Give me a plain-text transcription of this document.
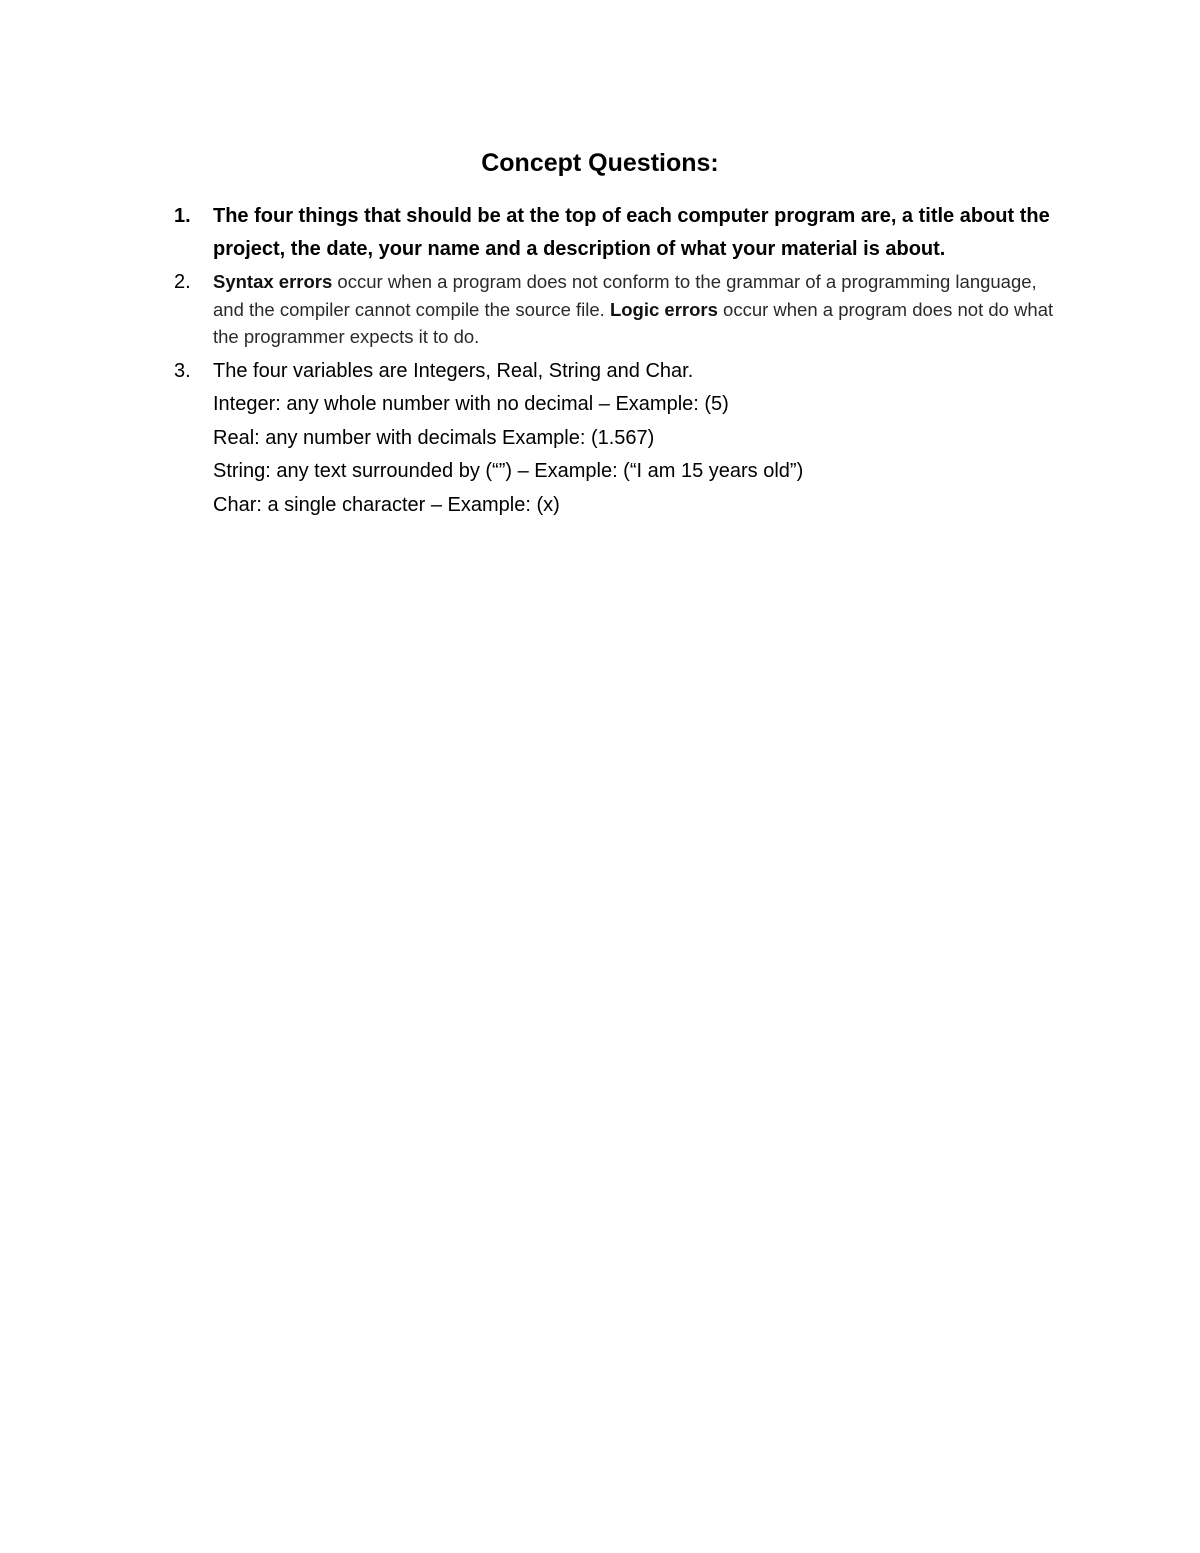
Concept Questions:
1. The four things that should be at the top of each computer program are, a title about the project, the date, your name and a description of what your material is about.
2. Syntax errors occur when a program does not conform to the grammar of a programming language, and the compiler cannot compile the source file. Logic errors occur when a program does not do what the programmer expects it to do.
3. The four variables are Integers, Real, String and Char.
Integer: any whole number with no decimal – Example: (5)
Real: any number with decimals Example: (1.567)
String: any text surrounded by (“”) – Example: (“I am 15 years old”)
Char: a single character – Example: (x)
